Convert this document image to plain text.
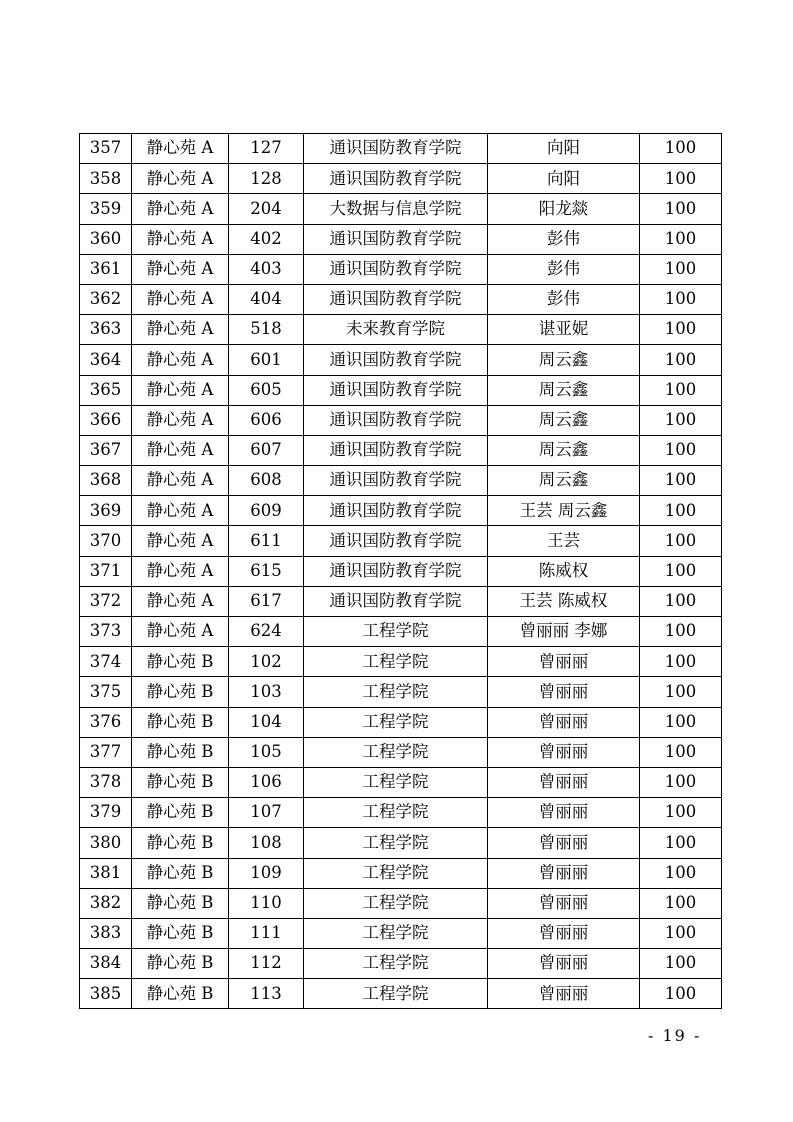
357	静心苑 A	127	通识国防教育学院	向阳	100
358	静心苑 A	128	通识国防教育学院	向阳	100
359	静心苑 A	204	大数据与信息学院	阳龙燚	100
360	静心苑 A	402	通识国防教育学院	彭伟	100
361	静心苑 A	403	通识国防教育学院	彭伟	100
362	静心苑 A	404	通识国防教育学院	彭伟	100
363	静心苑 A	518	未来教育学院	谌亚妮	100
364	静心苑 A	601	通识国防教育学院	周云鑫	100
365	静心苑 A	605	通识国防教育学院	周云鑫	100
366	静心苑 A	606	通识国防教育学院	周云鑫	100
367	静心苑 A	607	通识国防教育学院	周云鑫	100
368	静心苑 A	608	通识国防教育学院	周云鑫	100
369	静心苑 A	609	通识国防教育学院	王芸 周云鑫	100
370	静心苑 A	611	通识国防教育学院	王芸	100
371	静心苑 A	615	通识国防教育学院	陈威权	100
372	静心苑 A	617	通识国防教育学院	王芸 陈威权	100
373	静心苑 A	624	工程学院	曾丽丽 李娜	100
374	静心苑 B	102	工程学院	曾丽丽	100
375	静心苑 B	103	工程学院	曾丽丽	100
376	静心苑 B	104	工程学院	曾丽丽	100
377	静心苑 B	105	工程学院	曾丽丽	100
378	静心苑 B	106	工程学院	曾丽丽	100
379	静心苑 B	107	工程学院	曾丽丽	100
380	静心苑 B	108	工程学院	曾丽丽	100
381	静心苑 B	109	工程学院	曾丽丽	100
382	静心苑 B	110	工程学院	曾丽丽	100
383	静心苑 B	111	工程学院	曾丽丽	100
384	静心苑 B	112	工程学院	曾丽丽	100
385	静心苑 B	113	工程学院	曾丽丽	100
- 19 -
